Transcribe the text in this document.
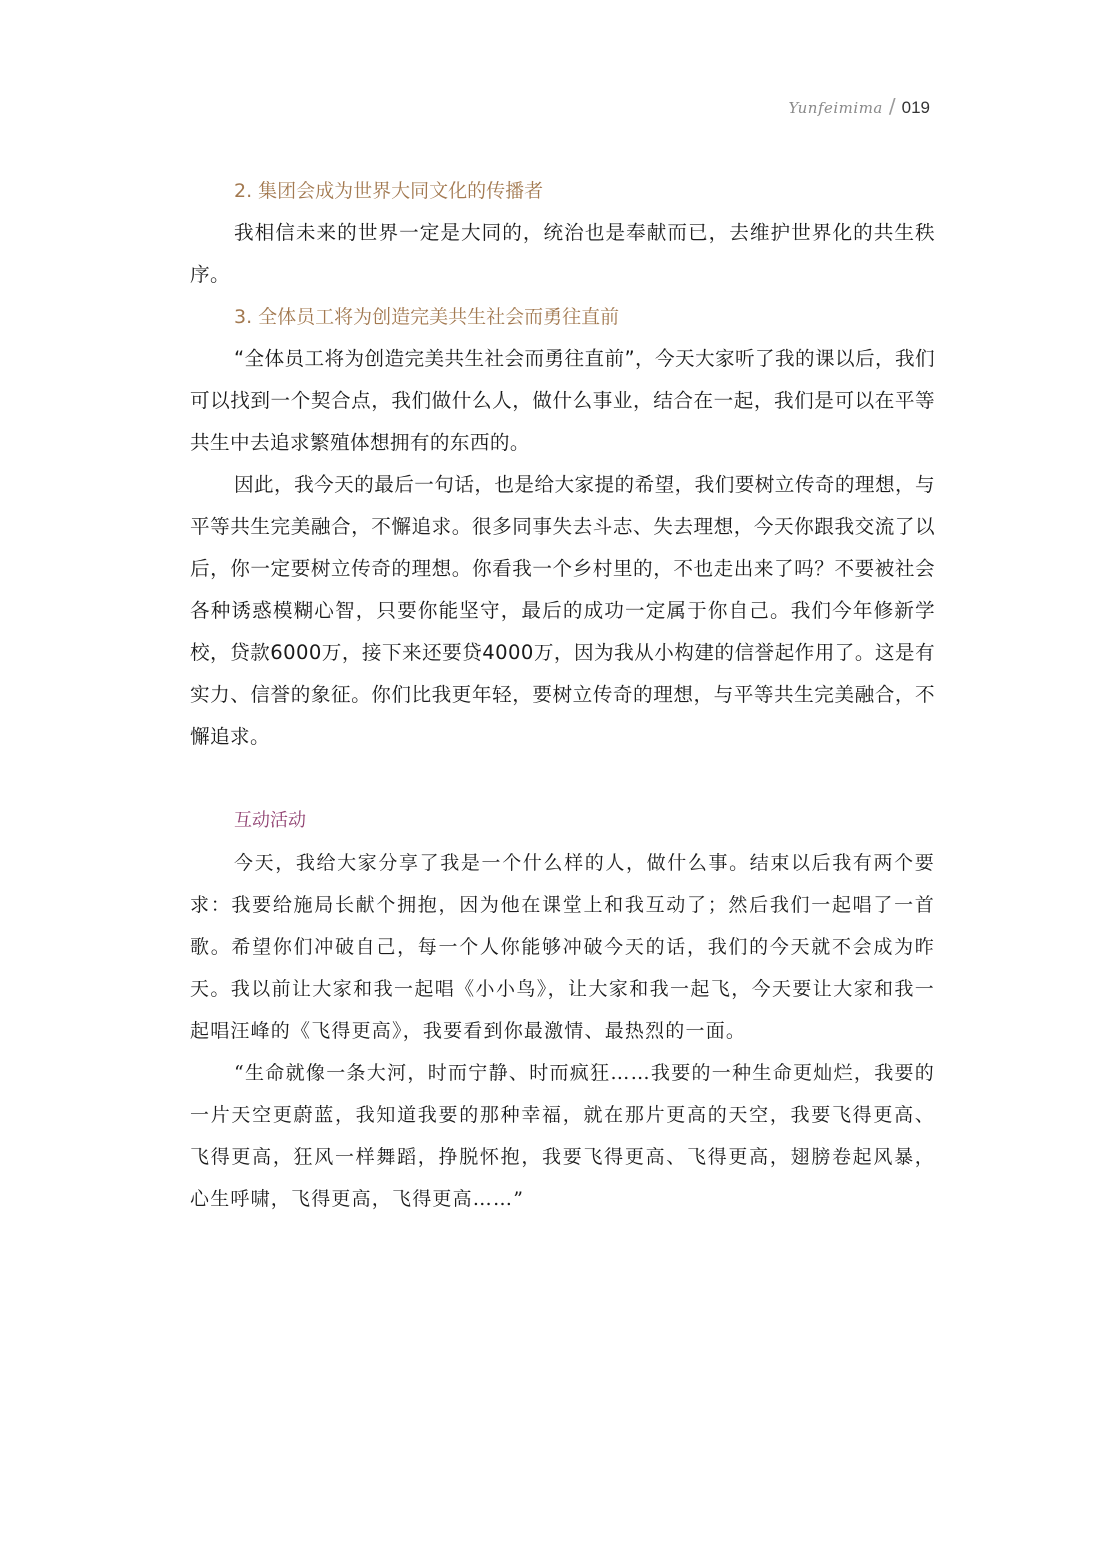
Yunfeimima / 019
2. 集团会成为世界大同文化的传播者

我相信未来的世界一定是大同的，统治也是奉献而已，去维护世界化的共生秩序。

3. 全体员工将为创造完美共生社会而勇往直前

“全体员工将为创造完美共生社会而勇往直前”，今天大家听了我的课以后，我们可以找到一个契合点，我们做什么人，做什么事业，结合在一起，我们是可以在平等共生中去追求繁殖体想拥有的东西的。

因此，我今天的最后一句话，也是给大家提的希望，我们要树立传奇的理想，与平等共生完美融合，不懈追求。很多同事失去斗志、失去理想，今天你跟我交流了以后，你一定要树立传奇的理想。你看我一个乡村里的，不也走出来了吗？不要被社会各种诱惑模糊心智，只要你能坚守，最后的成功一定属于你自己。我们今年修新学校，贷款6000万，接下来还要贷4000万，因为我从小构建的信誉起作用了。这是有实力、信誉的象征。你们比我更年轻，要树立传奇的理想，与平等共生完美融合，不懈追求。

互动活动

今天，我给大家分享了我是一个什么样的人，做什么事。结束以后我有两个要求：我要给施局长献个拥抱，因为他在课堂上和我互动了；然后我们一起唱了一首歌。希望你们冲破自己，每一个人你能够冲破今天的话，我们的今天就不会成为昨天。我以前让大家和我一起唱《小小鸟》，让大家和我一起飞，今天要让大家和我一起唱汪峰的《飞得更高》，我要看到你最激情、最热烈的一面。

“生命就像一条大河，时而宁静、时而疯狂……我要的一种生命更灿烂，我要的一片天空更蔚蓝，我知道我要的那种幸福，就在那片更高的天空，我要飞得更高、飞得更高，狂风一样舞蹈，挣脱怀抱，我要飞得更高、飞得更高，翅膀卷起风暴，心生呼啸，飞得更高，飞得更高……”
